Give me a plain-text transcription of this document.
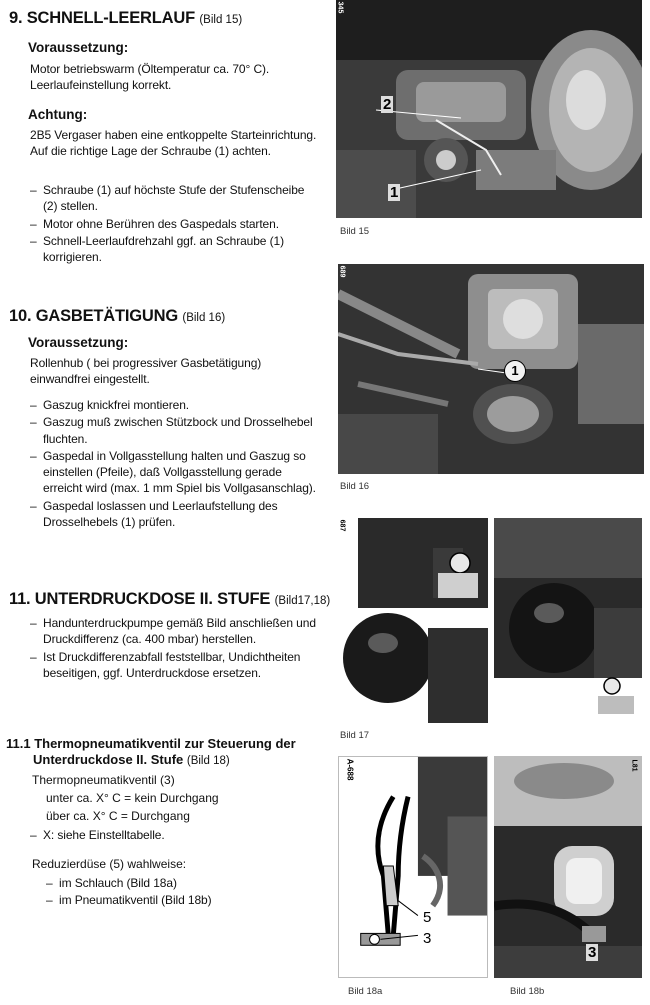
9. SCHNELL-LEERLAUF (Bild 15)
Voraussetzung:

Motor betriebswarm (Öltemperatur ca. 70° C). Leerlaufeinstellung korrekt.

Achtung:

2B5 Vergaser haben eine entkoppelte Starteinrichtung. Auf die richtige Lage der Schraube (1) achten.

– Schraube (1) auf höchste Stufe der Stufenscheibe (2) stellen.
– Motor ohne Berühren des Gaspedals starten.
– Schnell-Leerlaufdrehzahl ggf. an Schraube (1) korrigieren.
10. GASBETÄTIGUNG (Bild 16)
Voraussetzung:

Rollenhub ( bei progressiver Gasbetätigung) einwandfrei eingestellt.

– Gaszug knickfrei montieren.
– Gaszug muß zwischen Stützbock und Drosselhebel fluchten.
– Gaspedal in Vollgasstellung halten und Gaszug so einstellen (Pfeile), daß Vollgasstellung gerade erreicht wird (max. 1 mm Spiel bis Vollgasanschlag).
– Gaspedal loslassen und Leerlaufstellung des Drosselhebels (1) prüfen.
11. UNTERDRUCKDOSE II. STUFE (Bild17,18)
– Handunterdruckpumpe gemäß Bild anschließen und Druckdifferenz (ca. 400 mbar) herstellen.
– Ist Druckdifferenzabfall feststellbar, Undichtheiten beseitigen, ggf. Unterdruckdose ersetzen.
11.1 Thermopneumatikventil zur Steuerung der
Unterdruckdose II. Stufe (Bild 18)
Thermopneumatikventil (3)
unter ca. X° C = kein Durchgang
über ca. X° C = Durchgang
– X: siehe Einstelltabelle.
Reduzierdüse (5) wahlweise:
– im Schlauch (Bild 18a)
– im Pneumatikventil (Bild 18b)
345
2
1
Bild 15
689
1
Bild 16
687
Bild 17
A-688
5
3
Bild 18a
L81
3
Bild 18b
